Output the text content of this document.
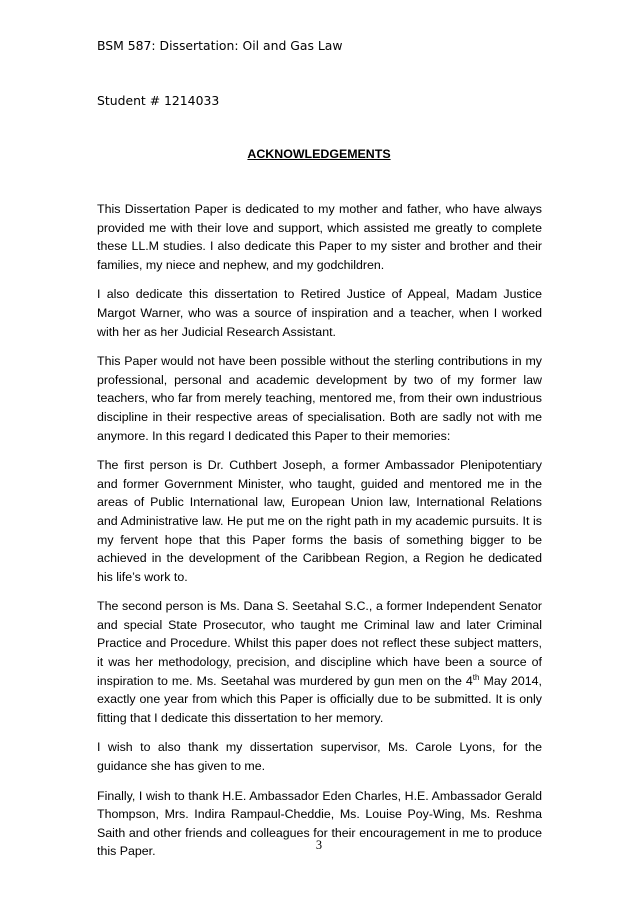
BSM 587: Dissertation: Oil and Gas Law
Student # 1214033
ACKNOWLEDGEMENTS

This Dissertation Paper is dedicated to my mother and father, who have always provided me with their love and support, which assisted me greatly to complete these LL.M studies. I also dedicate this Paper to my sister and brother and their families, my niece and nephew, and my godchildren.

I also dedicate this dissertation to Retired Justice of Appeal, Madam Justice Margot Warner, who was a source of inspiration and a teacher, when I worked with her as her Judicial Research Assistant.

This Paper would not have been possible without the sterling contributions in my professional, personal and academic development by two of my former law teachers, who far from merely teaching, mentored me, from their own industrious discipline in their respective areas of specialisation. Both are sadly not with me anymore. In this regard I dedicated this Paper to their memories:

The first person is Dr. Cuthbert Joseph, a former Ambassador Plenipotentiary and former Government Minister, who taught, guided and mentored me in the areas of Public International law, European Union law, International Relations and Administrative law. He put me on the right path in my academic pursuits. It is my fervent hope that this Paper forms the basis of something bigger to be achieved in the development of the Caribbean Region, a Region he dedicated his life’s work to.

The second person is Ms. Dana S. Seetahal S.C., a former Independent Senator and special State Prosecutor, who taught me Criminal law and later Criminal Practice and Procedure. Whilst this paper does not reflect these subject matters, it was her methodology, precision, and discipline which have been a source of inspiration to me. Ms. Seetahal was murdered by gun men on the 4th May 2014, exactly one year from which this Paper is officially due to be submitted. It is only fitting that I dedicate this dissertation to her memory.

I wish to also thank my dissertation supervisor, Ms. Carole Lyons, for the guidance she has given to me.

Finally, I wish to thank H.E. Ambassador Eden Charles, H.E. Ambassador Gerald Thompson, Mrs. Indira Rampaul-Cheddie, Ms. Louise Poy-Wing, Ms. Reshma Saith and other friends and colleagues for their encouragement in me to produce this Paper.	3
